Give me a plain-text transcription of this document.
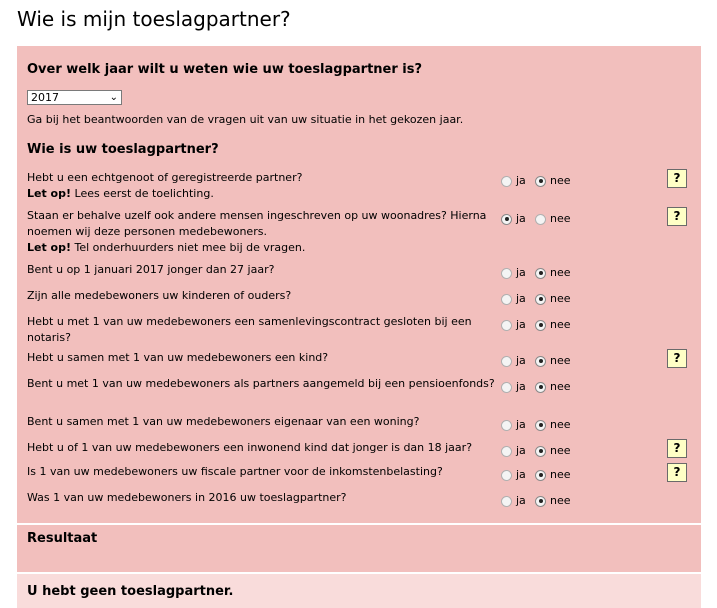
Wie is mijn toeslagpartner?
Over welk jaar wilt u weten wie uw toeslagpartner is?
2017	⌄
Ga bij het beantwoorden van de vragen uit van uw situatie in het gekozen jaar.
Wie is uw toeslagpartner?
Hebt u een echtgenoot of geregistreerde partner?
Let op! Lees eerst de toelichting.
ja	nee	?
Staan er behalve uzelf ook andere mensen ingeschreven op uw woonadres? Hierna noemen wij deze personen medebewoners.
Let op! Tel onderhuurders niet mee bij de vragen.
ja	nee	?
Bent u op 1 januari 2017 jonger dan 27 jaar?	ja	nee
Zijn alle medebewoners uw kinderen of ouders?	ja	nee
Hebt u met 1 van uw medebewoners een samenlevingscontract gesloten bij een notaris?
ja	nee
Hebt u samen met 1 van uw medebewoners een kind?	ja	nee	?
Bent u met 1 van uw medebewoners als partners aangemeld bij een pensioenfonds?	ja	nee
Bent u samen met 1 van uw medebewoners eigenaar van een woning?	ja	nee
Hebt u of 1 van uw medebewoners een inwonend kind dat jonger is dan 18 jaar?	ja	nee	?
Is 1 van uw medebewoners uw fiscale partner voor de inkomstenbelasting?	ja	nee	?
Was 1 van uw medebewoners in 2016 uw toeslagpartner?	ja	nee
Resultaat
U hebt geen toeslagpartner.
